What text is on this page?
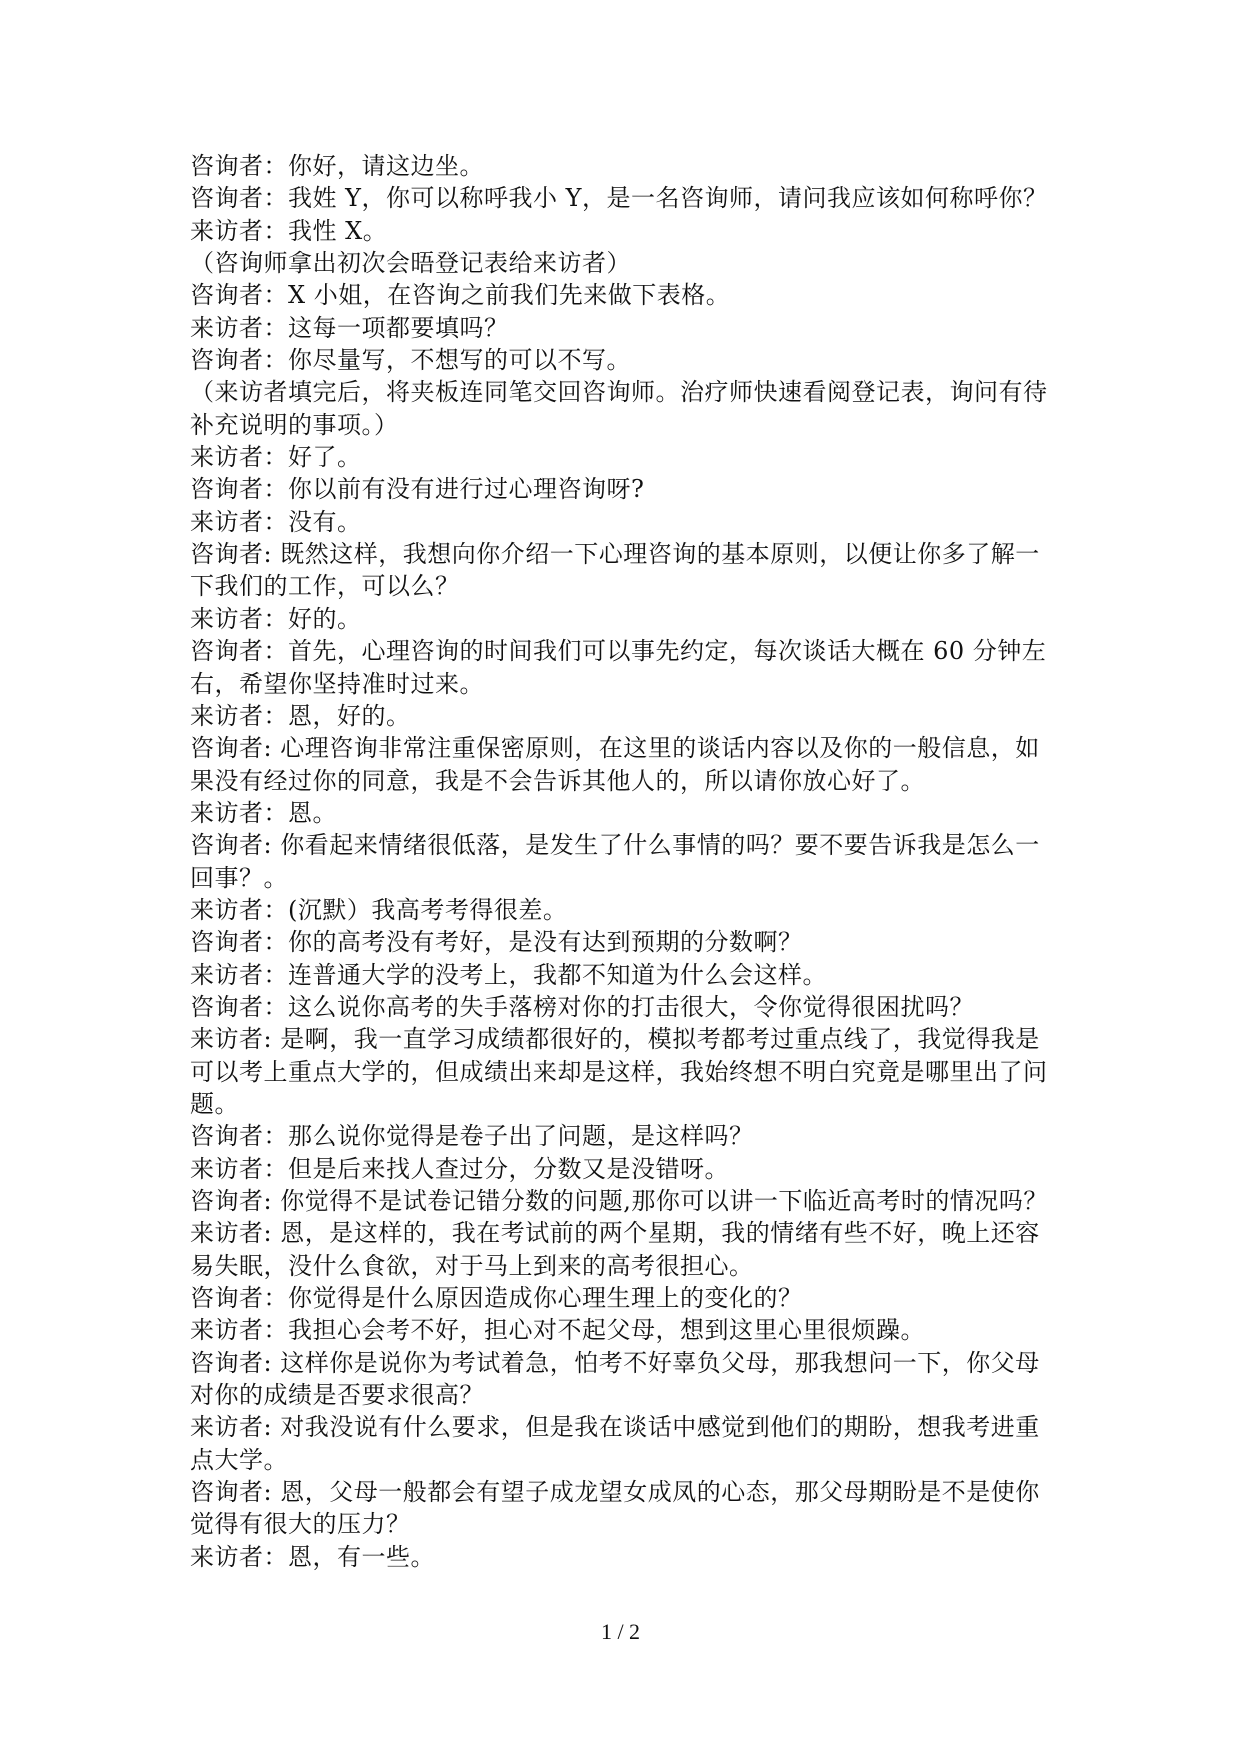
咨询者：你好，请这边坐。
咨询者：我姓 Y，你可以称呼我小 Y，是一名咨询师，请问我应该如何称呼你？
来访者：我性 X。
（咨询师拿出初次会晤登记表给来访者）
咨询者：X 小姐，在咨询之前我们先来做下表格。
来访者：这每一项都要填吗？
咨询者：你尽量写，不想写的可以不写。
（来访者填完后，将夹板连同笔交回咨询师。治疗师快速看阅登记表，询问有待
补充说明的事项。）
来访者：好了。
咨询者：你以前有没有进行过心理咨询呀?
来访者：没有。
咨询者: 既然这样，我想向你介绍一下心理咨询的基本原则，以便让你多了解一
下我们的工作，可以么？
来访者：好的。
咨询者：首先，心理咨询的时间我们可以事先约定，每次谈话大概在 60 分钟左
右，希望你坚持准时过来。
来访者：恩，好的。
咨询者: 心理咨询非常注重保密原则，在这里的谈话内容以及你的一般信息，如
果没有经过你的同意，我是不会告诉其他人的，所以请你放心好了。
来访者：恩。
咨询者: 你看起来情绪很低落，是发生了什么事情的吗？要不要告诉我是怎么一
回事？。
来访者：(沉默）我高考考得很差。
咨询者：你的高考没有考好，是没有达到预期的分数啊？
来访者：连普通大学的没考上，我都不知道为什么会这样。
咨询者：这么说你高考的失手落榜对你的打击很大，令你觉得很困扰吗？
来访者: 是啊，我一直学习成绩都很好的，模拟考都考过重点线了，我觉得我是
可以考上重点大学的，但成绩出来却是这样，我始终想不明白究竟是哪里出了问
题。
咨询者：那么说你觉得是卷子出了问题，是这样吗？
来访者：但是后来找人查过分，分数又是没错呀。
咨询者: 你觉得不是试卷记错分数的问题,那你可以讲一下临近高考时的情况吗？
来访者: 恩，是这样的，我在考试前的两个星期，我的情绪有些不好，晚上还容
易失眠，没什么食欲，对于马上到来的高考很担心。
咨询者：你觉得是什么原因造成你心理生理上的变化的？
来访者：我担心会考不好，担心对不起父母，想到这里心里很烦躁。
咨询者: 这样你是说你为考试着急，怕考不好辜负父母，那我想问一下，你父母
对你的成绩是否要求很高？
来访者: 对我没说有什么要求，但是我在谈话中感觉到他们的期盼，想我考进重
点大学。
咨询者: 恩，父母一般都会有望子成龙望女成凤的心态，那父母期盼是不是使你
觉得有很大的压力？
来访者：恩，有一些。
1 / 2
